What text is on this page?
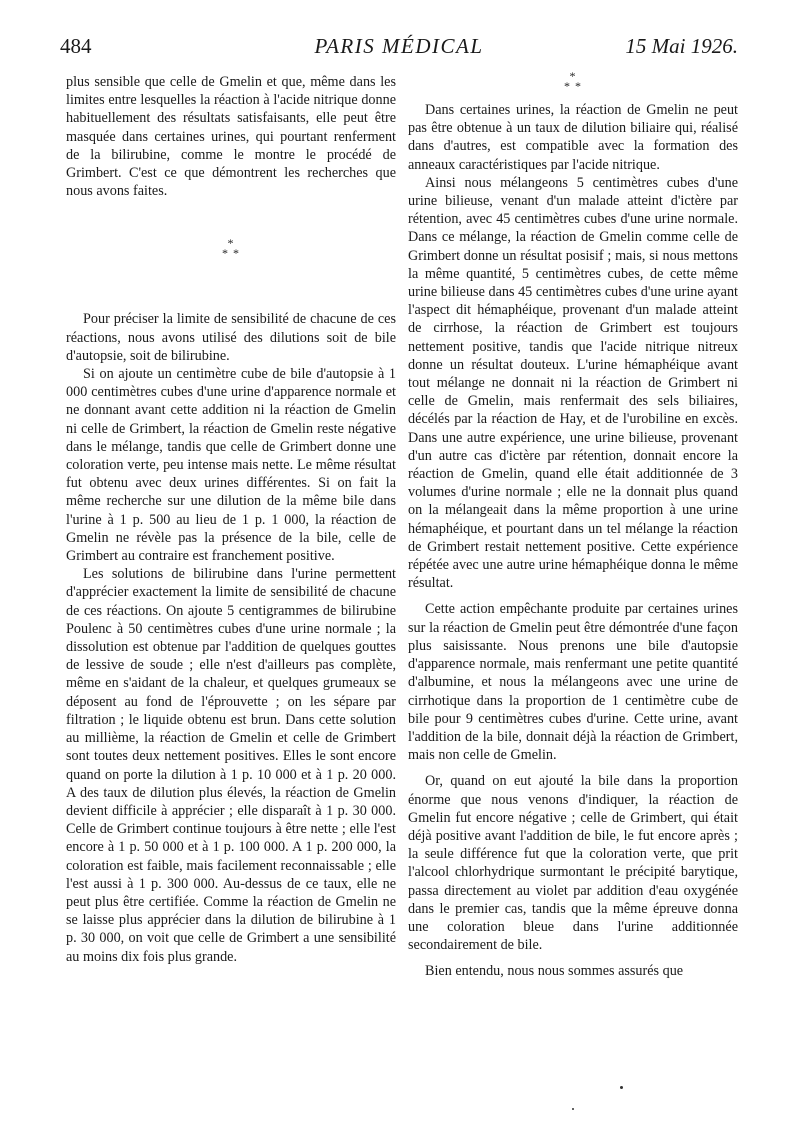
484	PARIS MÉDICAL	15 Mai 1926.

plus sensible que celle de Gmelin et que, même dans les limites entre lesquelles la réaction à l'acide nitrique donne habituellement des résultats satisfaisants, elle peut être masquée dans certaines urines, qui pourtant renferment de la bilirubine, comme le montre le procédé de Grimbert. C'est ce que démontrent les recherches que nous avons faites.

*
* *

Pour préciser la limite de sensibilité de chacune de ces réactions, nous avons utilisé des dilutions soit de bile d'autopsie, soit de bilirubine.

Si on ajoute un centimètre cube de bile d'autopsie à 1 000 centimètres cubes d'une urine d'apparence normale et ne donnant avant cette addition ni la réaction de Gmelin ni celle de Grimbert, la réaction de Gmelin reste négative dans le mélange, tandis que celle de Grimbert donne une coloration verte, peu intense mais nette. Le même résultat fut obtenu avec deux urines différentes. Si on fait la même recherche sur une dilution de la même bile dans l'urine à 1 p. 500 au lieu de 1 p. 1 000, la réaction de Gmelin ne révèle pas la présence de la bile, celle de Grimbert au contraire est franchement positive.

Les solutions de bilirubine dans l'urine permettent d'apprécier exactement la limite de sensibilité de chacune de ces réactions. On ajoute 5 centigrammes de bilirubine Poulenc à 50 centimètres cubes d'une urine normale ; la dissolution est obtenue par l'addition de quelques gouttes de lessive de soude ; elle n'est d'ailleurs pas complète, même en s'aidant de la chaleur, et quelques grumeaux se déposent au fond de l'éprouvette ; on les sépare par filtration ; le liquide obtenu est brun. Dans cette solution au millième, la réaction de Gmelin et celle de Grimbert sont toutes deux nettement positives. Elles le sont encore quand on porte la dilution à 1 p. 10 000 et à 1 p. 20 000. A des taux de dilution plus élevés, la réaction de Gmelin devient difficile à apprécier ; elle disparaît à 1 p. 30 000. Celle de Grimbert continue toujours à être nette ; elle l'est encore à 1 p. 50 000 et à 1 p. 100 000. A 1 p. 200 000, la coloration est faible, mais facilement reconnaissable ; elle l'est aussi à 1 p. 300 000. Au-dessus de ce taux, elle ne peut plus être certifiée. Comme la réaction de Gmelin ne se laisse plus apprécier dans la dilution de bilirubine à 1 p. 30 000, on voit que celle de Grimbert a une sensibilité au moins dix fois plus grande.

*
* *

Dans certaines urines, la réaction de Gmelin ne peut pas être obtenue à un taux de dilution biliaire qui, réalisé dans d'autres, est compatible avec la formation des anneaux caractéristiques par l'acide nitrique.

Ainsi nous mélangeons 5 centimètres cubes d'une urine bilieuse, venant d'un malade atteint d'ictère par rétention, avec 45 centimètres cubes d'une urine normale. Dans ce mélange, la réaction de Gmelin comme celle de Grimbert donne un résultat posisif ; mais, si nous mettons la même quantité, 5 centimètres cubes, de cette même urine bilieuse dans 45 centimètres cubes d'une urine ayant l'aspect dit hémaphéique, provenant d'un malade atteint de cirrhose, la réaction de Grimbert est toujours nettement positive, tandis que l'acide nitrique nitreux donne un résultat douteux. L'urine hémaphéique avant tout mélange ne donnait ni la réaction de Grimbert ni celle de Gmelin, mais renfermait des sels biliaires, décélés par la réaction de Hay, et de l'urobiline en excès. Dans une autre expérience, une urine bilieuse, provenant d'un autre cas d'ictère par rétention, donnait encore la réaction de Gmelin, quand elle était additionnée de 3 volumes d'urine normale ; elle ne la donnait plus quand on la mélangeait dans la même proportion à une urine hémaphéique, et pourtant dans un tel mélange la réaction de Grimbert restait nettement positive. Cette expérience répétée avec une autre urine hémaphéique donna le même résultat.

Cette action empêchante produite par certaines urines sur la réaction de Gmelin peut être démontrée d'une façon plus saisissante. Nous prenons une bile d'autopsie d'apparence normale, mais renfermant une petite quantité d'albumine, et nous la mélangeons avec une urine de cirrhotique dans la proportion de 1 centimètre cube de bile pour 9 centimètres cubes d'urine. Cette urine, avant l'addition de la bile, donnait déjà la réaction de Grimbert, mais non celle de Gmelin.

Or, quand on eut ajouté la bile dans la proportion énorme que nous venons d'indiquer, la réaction de Gmelin fut encore négative ; celle de Grimbert, qui était déjà positive avant l'addition de bile, le fut encore après ; la seule différence fut que la coloration verte, que prit l'alcool chlorhydrique surmontant le précipité barytique, passa directement au violet par addition d'eau oxygénée dans le premier cas, tandis que la même épreuve donna une coloration bleue dans l'urine additionnée secondairement de bile.

Bien entendu, nous nous sommes assurés que
